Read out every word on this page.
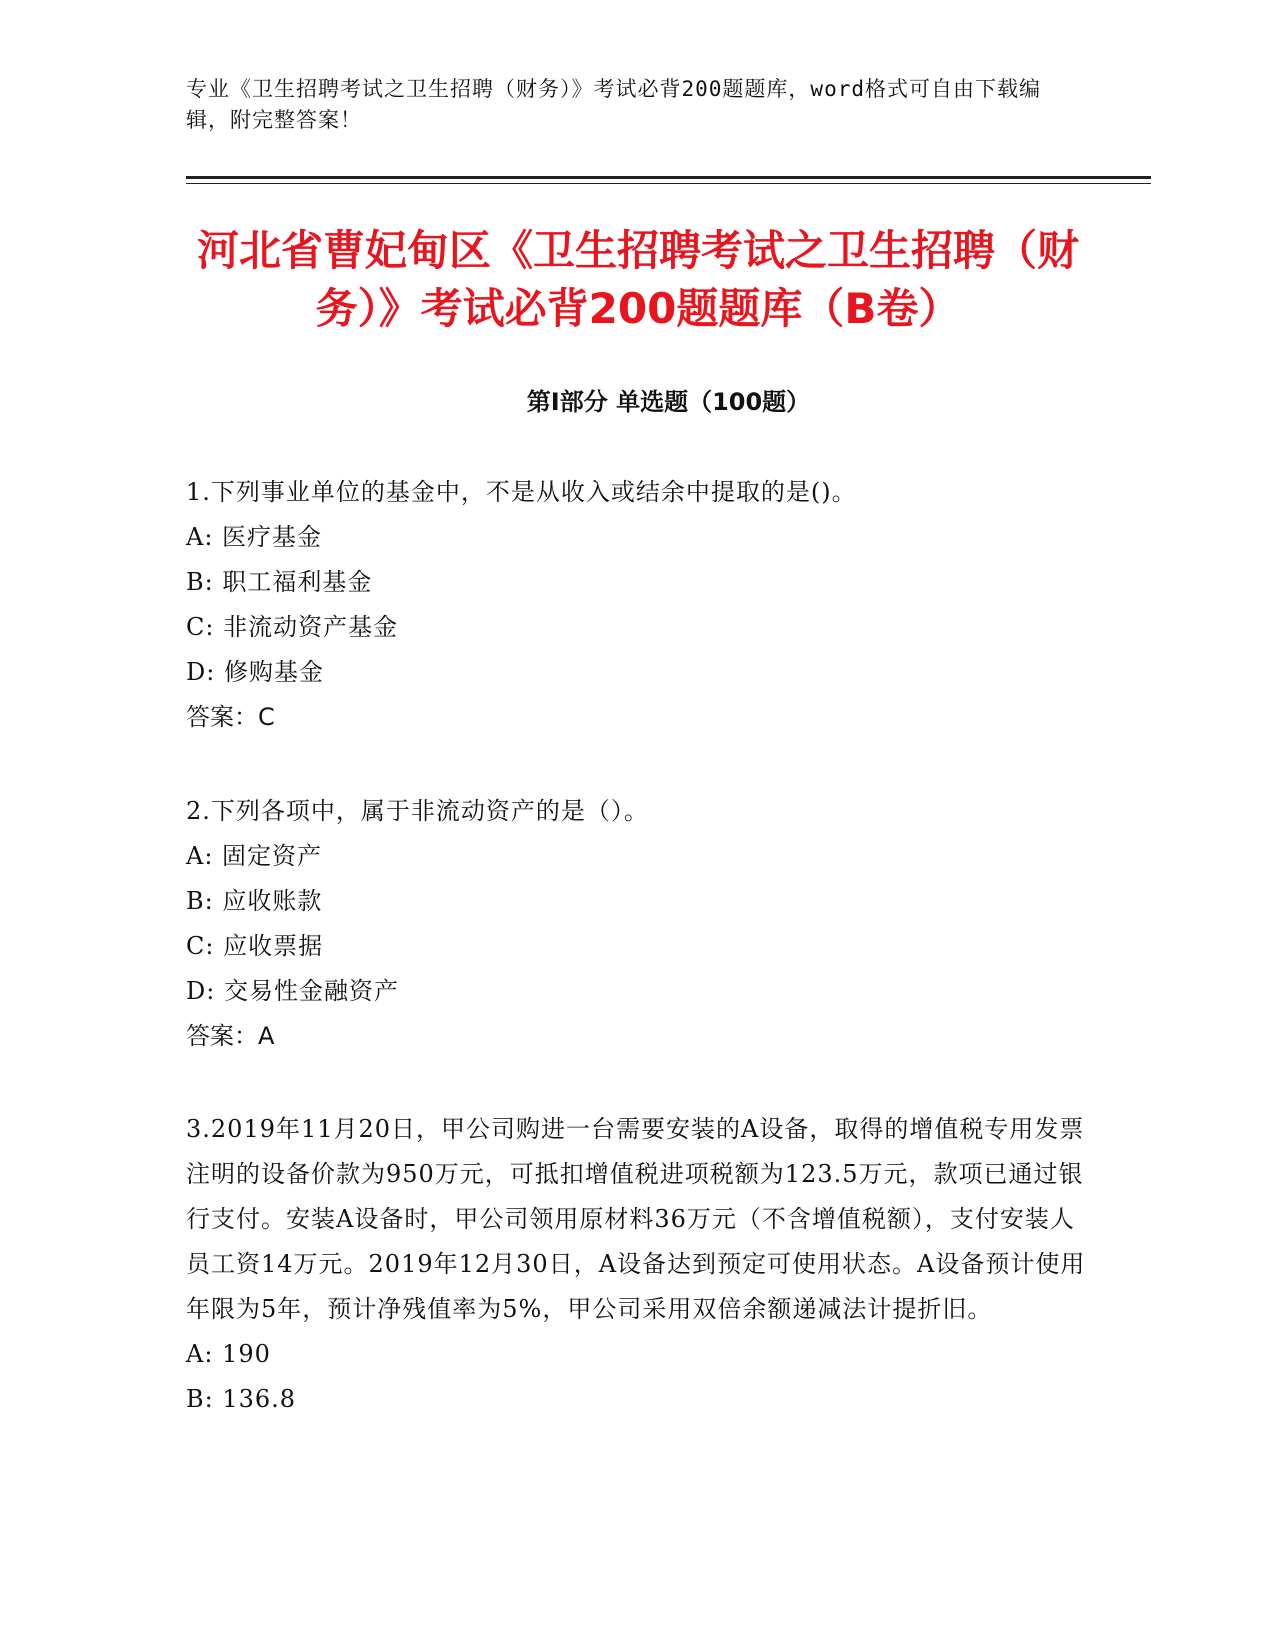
专业《卫生招聘考试之卫生招聘（财务）》考试必背200题题库，word格式可自由下载编辑，附完整答案！
河北省曹妃甸区《卫生招聘考试之卫生招聘（财务）》考试必背200题题库（B卷）
第Ⅰ部分 单选题（100题）
1.下列事业单位的基金中，不是从收入或结余中提取的是()。
A: 医疗基金
B: 职工福利基金
C: 非流动资产基金
D: 修购基金
答案：C
2.下列各项中，属于非流动资产的是（）。
A: 固定资产
B: 应收账款
C: 应收票据
D: 交易性金融资产
答案：A
3.2019年11月20日，甲公司购进一台需要安装的A设备，取得的增值税专用发票注明的设备价款为950万元，可抵扣增值税进项税额为123.5万元，款项已通过银行支付。安装A设备时，甲公司领用原材料36万元（不含增值税额），支付安装人员工资14万元。2019年12月30日，A设备达到预定可使用状态。A设备预计使用年限为5年，预计净残值率为5%，甲公司采用双倍余额递减法计提折旧。
A: 190
B: 136.8
